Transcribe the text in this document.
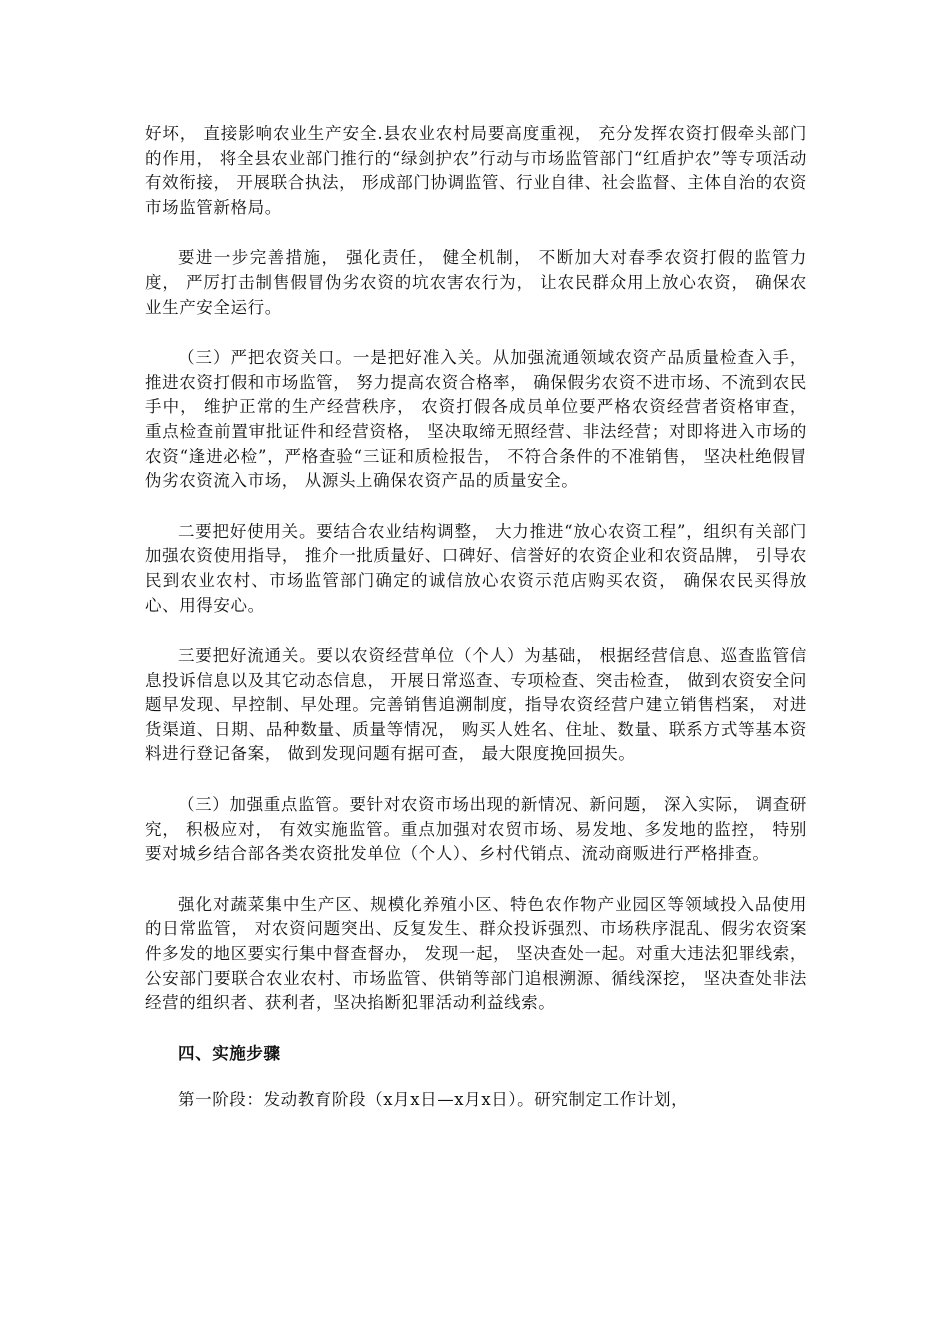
好坏， 直接影响农业生产安全.县农业农村局要高度重视， 充分发挥农资打假牵头部门的作用， 将全县农业部门推行的“绿剑护农”行动与市场监管部门“红盾护农”等专项活动有效衔接， 开展联合执法， 形成部门协调监管、行业自律、社会监督、主体自治的农资市场监管新格局。

要进一步完善措施， 强化责任， 健全机制， 不断加大对春季农资打假的监管力度， 严厉打击制售假冒伪劣农资的坑农害农行为， 让农民群众用上放心农资， 确保农业生产安全运行。

（三）严把农资关口。一是把好准入关。从加强流通领域农资产品质量检查入手， 推进农资打假和市场监管， 努力提高农资合格率， 确保假劣农资不进市场、不流到农民手中， 维护正常的生产经营秩序， 农资打假各成员单位要严格农资经营者资格审查， 重点检查前置审批证件和经营资格， 坚决取缔无照经营、非法经营；对即将进入市场的农资“逢进必检”，严格查验“三证和质检报告， 不符合条件的不准销售， 坚决杜绝假冒伪劣农资流入市场， 从源头上确保农资产品的质量安全。

二要把好使用关。要结合农业结构调整， 大力推进“放心农资工程”，组织有关部门加强农资使用指导， 推介一批质量好、口碑好、信誉好的农资企业和农资品牌， 引导农民到农业农村、市场监管部门确定的诚信放心农资示范店购买农资， 确保农民买得放心、用得安心。

三要把好流通关。要以农资经营单位（个人）为基础， 根据经营信息、巡查监管信息投诉信息以及其它动态信息， 开展日常巡查、专项检查、突击检查， 做到农资安全问题早发现、早控制、早处理。完善销售追溯制度，指导农资经营户建立销售档案， 对进货渠道、日期、品种数量、质量等情况， 购买人姓名、住址、数量、联系方式等基本资料进行登记备案， 做到发现问题有据可查， 最大限度挽回损失。

（三）加强重点监管。要针对农资市场出现的新情况、新问题， 深入实际， 调查研究， 积极应对， 有效实施监管。重点加强对农贸市场、易发地、多发地的监控， 特别要对城乡结合部各类农资批发单位（个人）、乡村代销点、流动商贩进行严格排查。

强化对蔬菜集中生产区、规模化养殖小区、特色农作物产业园区等领域投入品使用的日常监管， 对农资问题突出、反复发生、群众投诉强烈、市场秩序混乱、假劣农资案件多发的地区要实行集中督查督办， 发现一起， 坚决查处一起。对重大违法犯罪线索， 公安部门要联合农业农村、市场监管、供销等部门追根溯源、循线深挖， 坚决查处非法经营的组织者、获利者，坚决掐断犯罪活动利益线索。

四、实施步骤

第一阶段：发动教育阶段（x月x日—x月x日）。研究制定工作计划，
